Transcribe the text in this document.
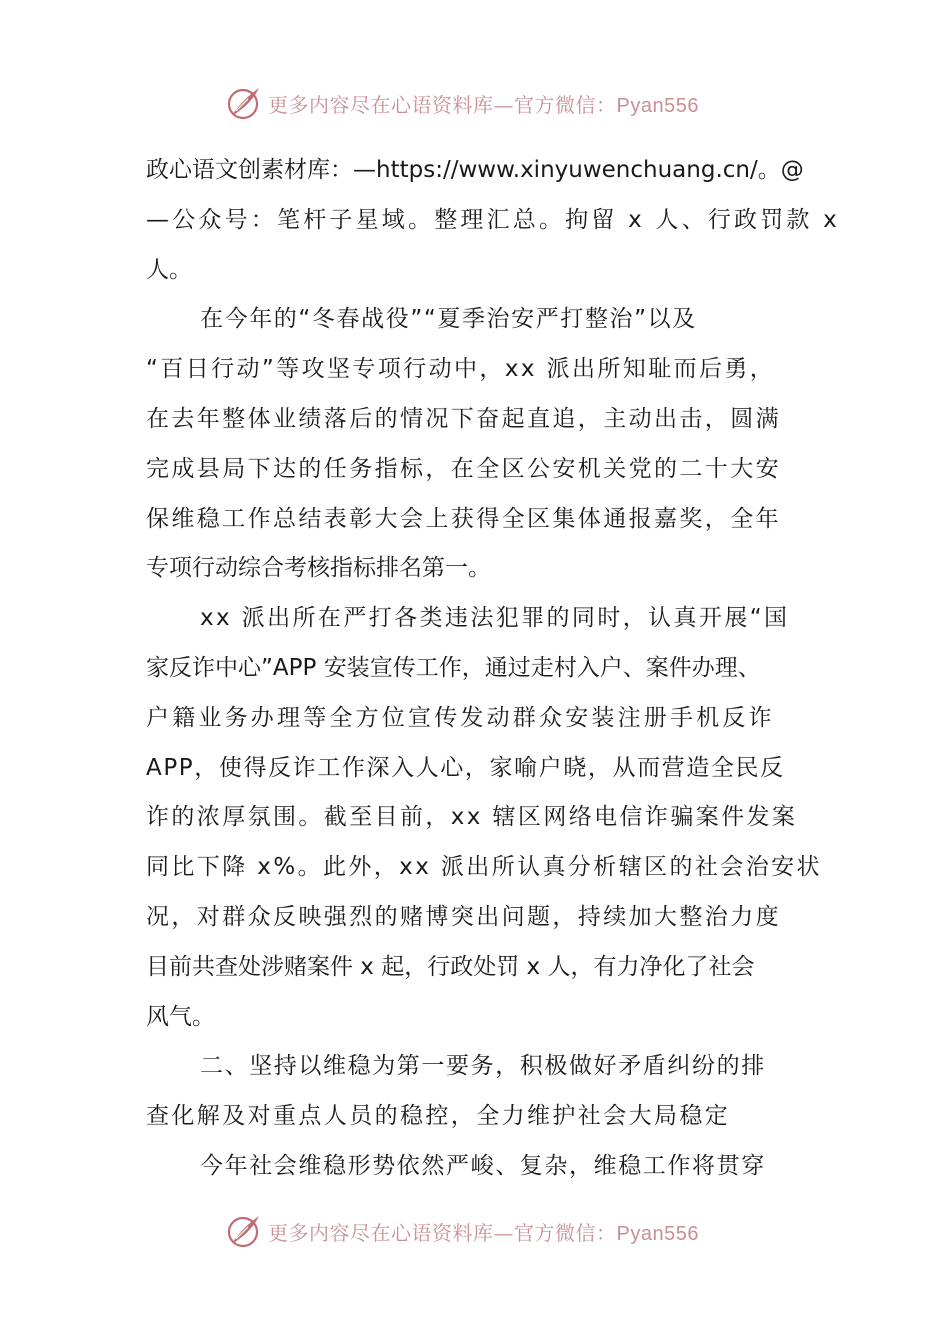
更多内容尽在心语资料库—官方微信：Pyan556
政心语文创素材库：—https://www.xinyuwenchuang.cn/。@
—公众号：笔杆子星域。整理汇总。拘留 x 人、行政罚款 x
人。
在今年的“冬春战役”“夏季治安严打整治”以及
“百日行动”等攻坚专项行动中，xx 派出所知耻而后勇，
在去年整体业绩落后的情况下奋起直追，主动出击，圆满
完成县局下达的任务指标，在全区公安机关党的二十大安
保维稳工作总结表彰大会上获得全区集体通报嘉奖，全年
专项行动综合考核指标排名第一。
xx 派出所在严打各类违法犯罪的同时，认真开展“国
家反诈中心”APP 安装宣传工作，通过走村入户、案件办理、
户籍业务办理等全方位宣传发动群众安装注册手机反诈
APP，使得反诈工作深入人心，家喻户晓，从而营造全民反
诈的浓厚氛围。截至目前，xx 辖区网络电信诈骗案件发案
同比下降 x%。此外，xx 派出所认真分析辖区的社会治安状
况，对群众反映强烈的赌博突出问题，持续加大整治力度
目前共查处涉赌案件 x 起，行政处罚 x 人，有力净化了社会
风气。
二、坚持以维稳为第一要务，积极做好矛盾纠纷的排
查化解及对重点人员的稳控，全力维护社会大局稳定
今年社会维稳形势依然严峻、复杂，维稳工作将贯穿
更多内容尽在心语资料库—官方微信：Pyan556
